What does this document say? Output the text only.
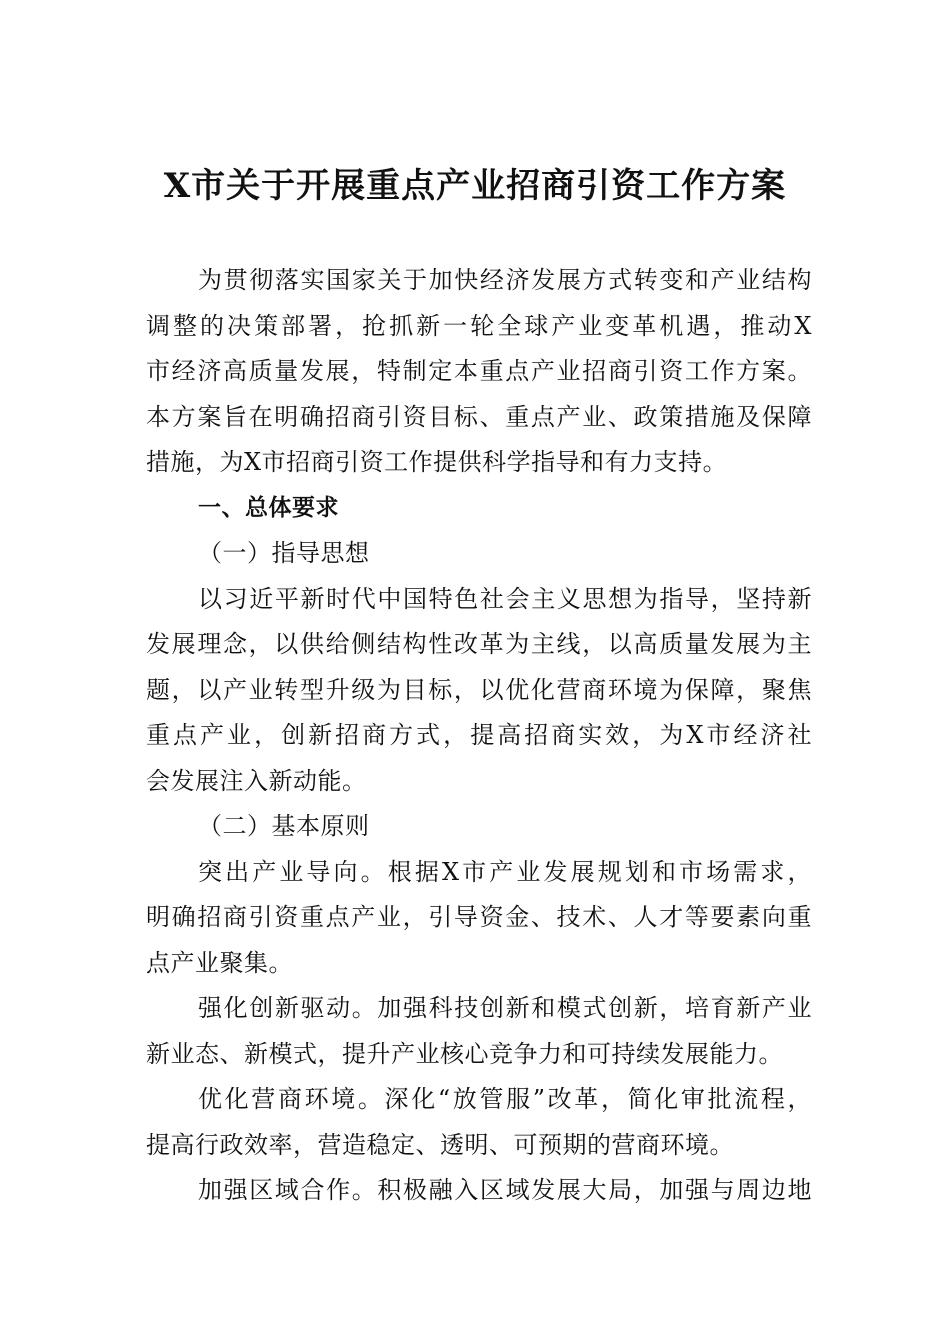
X市关于开展重点产业招商引资工作方案
为贯彻落实国家关于加快经济发展方式转变和产业结构
调整的决策部署，抢抓新一轮全球产业变革机遇，推动X
市经济高质量发展，特制定本重点产业招商引资工作方案。
本方案旨在明确招商引资目标、重点产业、政策措施及保障
措施，为X市招商引资工作提供科学指导和有力支持。
一、总体要求
（一）指导思想
以习近平新时代中国特色社会主义思想为指导，坚持新
发展理念，以供给侧结构性改革为主线，以高质量发展为主
题，以产业转型升级为目标，以优化营商环境为保障，聚焦
重点产业，创新招商方式，提高招商实效，为X市经济社
会发展注入新动能。
（二）基本原则
突出产业导向。根据X市产业发展规划和市场需求，
明确招商引资重点产业，引导资金、技术、人才等要素向重
点产业聚集。
强化创新驱动。加强科技创新和模式创新，培育新产业
新业态、新模式，提升产业核心竞争力和可持续发展能力。
优化营商环境。深化“放管服”改革，简化审批流程，
提高行政效率，营造稳定、透明、可预期的营商环境。
加强区域合作。积极融入区域发展大局，加强与周边地
